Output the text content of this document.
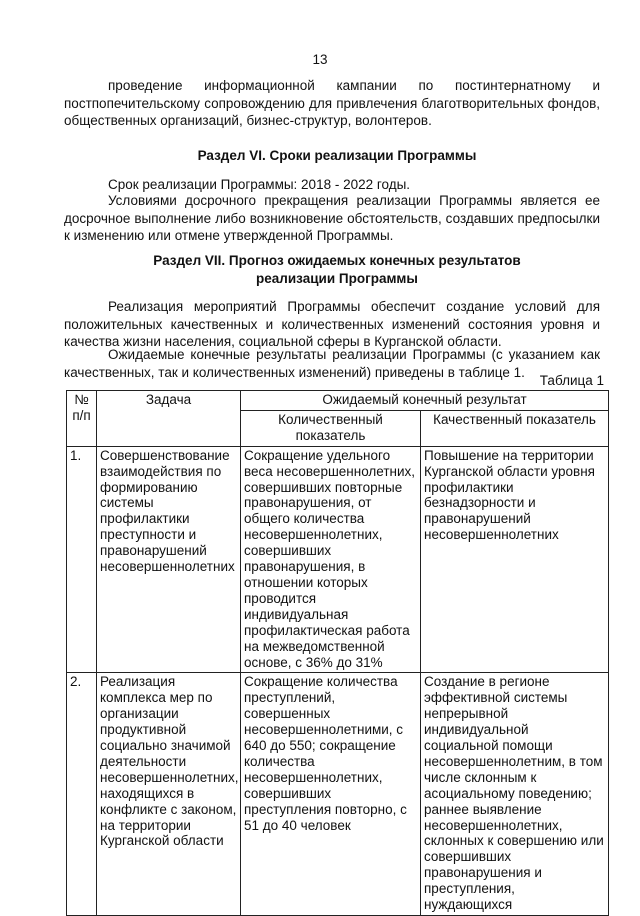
13

проведение информационной кампании по постинтернатному и постпопечительскому сопровождению для привлечения благотворительных фондов, общественных организаций, бизнес-структур, волонтеров.

Раздел VI. Сроки реализации Программы

Срок реализации Программы: 2018 - 2022 годы.

Условиями досрочного прекращения реализации Программы является ее досрочное выполнение либо возникновение обстоятельств, создавших предпосылки к изменению или отмене утвержденной Программы.

Раздел VII. Прогноз ожидаемых конечных результатов
реализации Программы

Реализация мероприятий Программы обеспечит создание условий для положительных качественных и количественных изменений состояния уровня и качества жизни населения, социальной сферы в Курганской области.

Ожидаемые конечные результаты реализации Программы (с указанием как качественных, так и количественных изменений) приведены в таблице 1.

Таблица 1
№ п/п	Задача	Ожидаемый конечный результат	
		Количественный показатель	Качественный показатель
1.	Совершенствование взаимодействия по формированию системы профилактики преступности и правонарушений несовершеннолетних	Сокращение удельного веса несовершеннолетних, совершивших повторные правонарушения, от общего количества несовершеннолетних, совершивших правонарушения, в отношении которых проводится индивидуальная профилактическая работа на межведомственной основе, с 36% до 31%	Повышение на территории Курганской области уровня профилактики безнадзорности и правонарушений несовершеннолетних
2.	Реализация комплекса мер по организации продуктивной социально значимой деятельности несовершеннолетних, находящихся в конфликте с законом, на территории Курганской области	Сокращение количества преступлений, совершенных несовершеннолетними, с 640 до 550; сокращение количества несовершеннолетних, совершивших преступления повторно, с 51 до 40 человек	Создание в регионе эффективной системы непрерывной индивидуальной социальной помощи несовершеннолетним, в том числе склонным к асоциальному поведению; раннее выявление несовершеннолетних, склонных к совершению или совершивших правонарушения и преступления, нуждающихся
